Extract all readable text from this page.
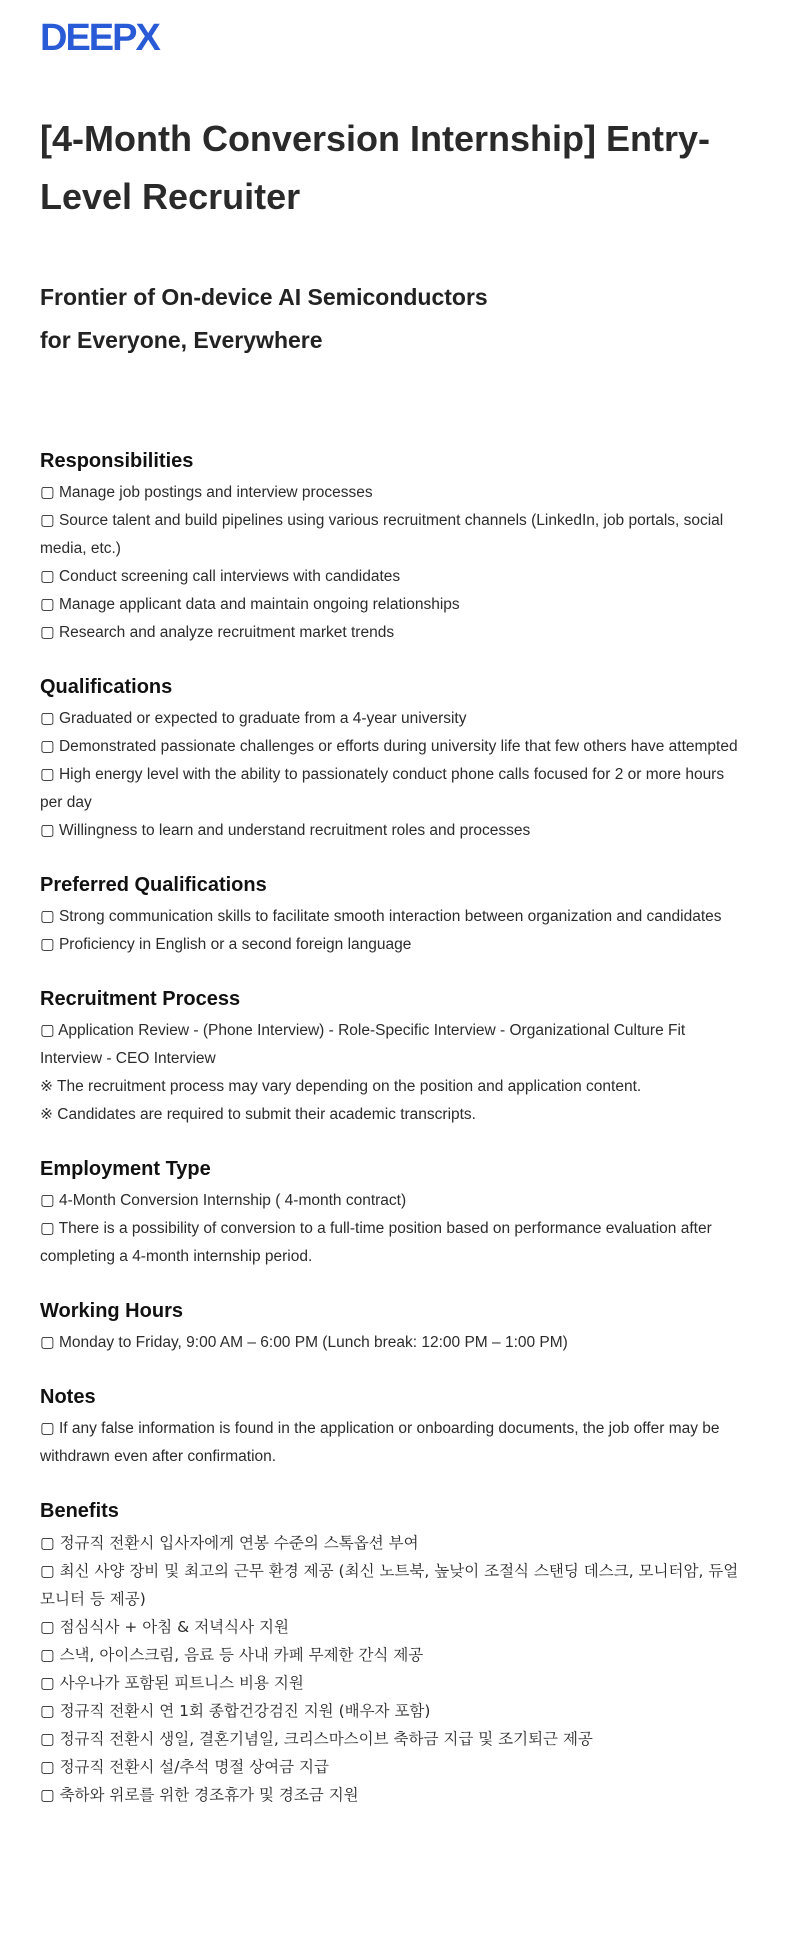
DEEPX
[4-Month Conversion Internship] Entry-Level Recruiter

Frontier of On-device AI Semiconductors
for Everyone, Everywhere

Responsibilities

▢ Manage job postings and interview processes

▢ Source talent and build pipelines using various recruitment channels (LinkedIn, job portals, social media, etc.)

▢ Conduct screening call interviews with candidates

▢ Manage applicant data and maintain ongoing relationships

▢ Research and analyze recruitment market trends

Qualifications

▢ Graduated or expected to graduate from a 4-year university

▢ Demonstrated passionate challenges or efforts during university life that few others have attempted

▢ High energy level with the ability to passionately conduct phone calls focused for 2 or more hours per day

▢ Willingness to learn and understand recruitment roles and processes

Preferred Qualifications

▢ Strong communication skills to facilitate smooth interaction between organization and candidates

▢ Proficiency in English or a second foreign language

Recruitment Process

▢ Application Review - (Phone Interview) - Role-Specific Interview - Organizational Culture Fit Interview - CEO Interview

※ The recruitment process may vary depending on the position and application content.

※ Candidates are required to submit their academic transcripts.

Employment Type

▢ 4-Month Conversion Internship ( 4-month contract)

▢ There is a possibility of conversion to a full-time position based on performance evaluation after completing a 4-month internship period.

Working Hours

▢ Monday to Friday, 9:00 AM – 6:00 PM (Lunch break: 12:00 PM – 1:00 PM)

Notes

▢ If any false information is found in the application or onboarding documents, the job offer may be withdrawn even after confirmation.

Benefits

▢ 정규직 전환시 입사자에게 연봉 수준의 스톡옵션 부여

▢ 최신 사양 장비 및 최고의 근무 환경 제공 (최신 노트북, 높낮이 조절식 스탠딩 데스크, 모니터암, 듀얼모니터 등 제공)

▢ 점심식사 + 아침 & 저녁식사 지원

▢ 스낵, 아이스크림, 음료 등 사내 카페 무제한 간식 제공

▢ 사우나가 포함된 피트니스 비용 지원

▢ 정규직 전환시 연 1회 종합건강검진 지원 (배우자 포함)

▢ 정규직 전환시 생일, 결혼기념일, 크리스마스이브 축하금 지급 및 조기퇴근 제공

▢ 정규직 전환시 설/추석 명절 상여금 지급

▢ 축하와 위로를 위한 경조휴가 및 경조금 지원
